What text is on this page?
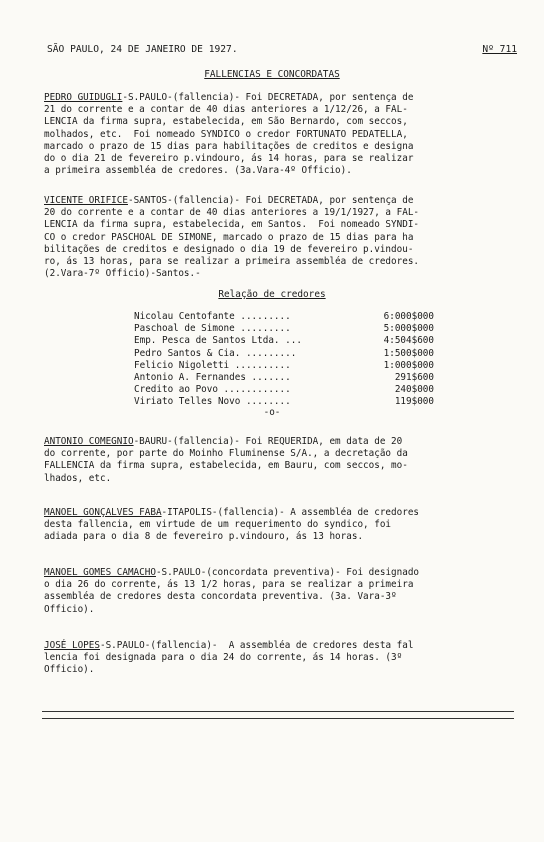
SÃO PAULO, 24 DE JANEIRO DE 1927.	Nº 711
FALLENCIAS E CONCORDATAS
PEDRO GUIDUGLI-S.PAULO-(fallencia)- Foi DECRETADA, por sentença de
21 do corrente e a contar de 40 dias anteriores a 1/12/26, a FAL-
LENCIA da firma supra, estabelecida, em São Bernardo, com seccos,
molhados, etc.  Foi nomeado SYNDICO o credor FORTUNATO PEDATELLA,
marcado o prazo de 15 dias para habilitações de creditos e designa
do o dia 21 de fevereiro p.vindouro, ás 14 horas, para se realizar
a primeira assembléa de credores. (3a.Vara-4º Officio).
VICENTE ORIFICE-SANTOS-(fallencia)- Foi DECRETADA, por sentença de
20 do corrente e a contar de 40 dias anteriores a 19/1/1927, a FAL-
LENCIA da firma supra, estabelecida, em Santos.  Foi nomeado SYNDI-
CO o credor PASCHOAL DE SIMONE, marcado o prazo de 15 dias para ha
bilitações de creditos e designado o dia 19 de fevereiro p.vindou-
ro, ás 13 horas, para se realizar a primeira assembléa de credores.
(2.Vara-7º Officio)-Santos.-
Relação de credores
Nicolau Centofante .........	6:000$000
Paschoal de Simone .........	5:000$000
Emp. Pesca de Santos Ltda. ...	4:504$600
Pedro Santos & Cia. .........	1:500$000
Felicio Nigoletti ..........	1:000$000
Antonio A. Fernandes .......	291$600
Credito ao Povo ............	240$000
Viriato Telles Novo ........	119$000
-o-
ANTONIO COMEGNIO-BAURU-(fallencia)- Foi REQUERIDA, em data de 20
do corrente, por parte do Moinho Fluminense S/A., a decretação da
FALLENCIA da firma supra, estabelecida, em Bauru, com seccos, mo-
lhados, etc.
MANOEL GONÇALVES FABA-ITAPOLIS-(fallencia)- A assembléa de credores
desta fallencia, em virtude de um requerimento do syndico, foi
adiada para o dia 8 de fevereiro p.vindouro, ás 13 horas.
MANOEL GOMES CAMACHO-S.PAULO-(concordata preventiva)- Foi designado
o dia 26 do corrente, ás 13 1/2 horas, para se realizar a primeira
assembléa de credores desta concordata preventiva. (3a. Vara-3º
Officio).
JOSÉ LOPES-S.PAULO-(fallencia)-  A assembléa de credores desta fal
lencia foi designada para o dia 24 do corrente, ás 14 horas. (3º
Officio).
